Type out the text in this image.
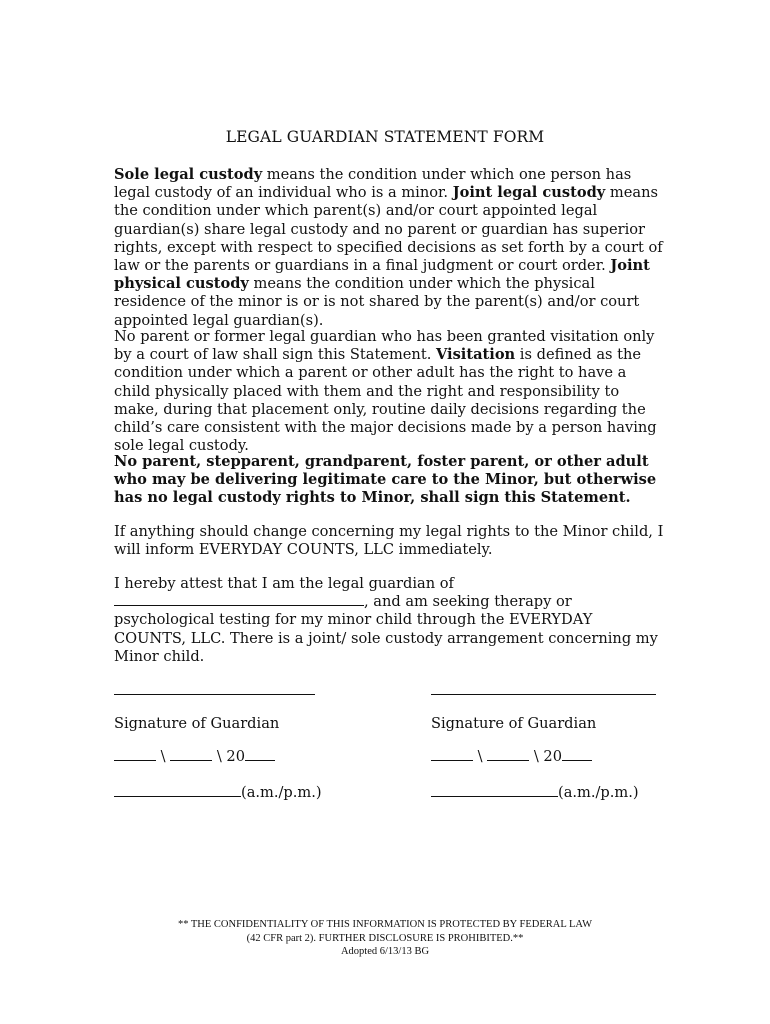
LEGAL GUARDIAN STATEMENT FORM

Sole legal custody means the condition under which one person has legal custody of an individual who is a minor. Joint legal custody means the condition under which parent(s) and/or court appointed legal guardian(s) share legal custody and no parent or guardian has superior rights, except with respect to specified decisions as set forth by a court of law or the parents or guardians in a final judgment or court order. Joint physical custody means the condition under which the physical residence of the minor is or is not shared by the parent(s) and/or court appointed legal guardian(s).

No parent or former legal guardian who has been granted visitation only by a court of law shall sign this Statement. Visitation is defined as the condition under which a parent or other adult has the right to have a child physically placed with them and the right and responsibility to make, during that placement only, routine daily decisions regarding the child’s care consistent with the major decisions made by a person having sole legal custody.

No parent, stepparent, grandparent, foster parent, or other adult who may be delivering legitimate care to the Minor, but otherwise has no legal custody rights to Minor, shall sign this Statement.

If anything should change concerning my legal rights to the Minor child, I will inform EVERYDAY COUNTS, LLC immediately.

I hereby attest that I am the legal guardian of , and am seeking therapy or psychological testing for my minor child through the EVERYDAY COUNTS, LLC. There is a joint/ sole custody arrangement concerning my Minor child.

Signature of Guardian	Signature of Guardian
\	\ 20	\	\ 20
(a.m./p.m.)	(a.m./p.m.)
** THE CONFIDENTIALITY OF THIS INFORMATION IS PROTECTED BY FEDERAL LAW
(42 CFR part 2). FURTHER DISCLOSURE IS PROHIBITED.**
Adopted 6/13/13 BG
